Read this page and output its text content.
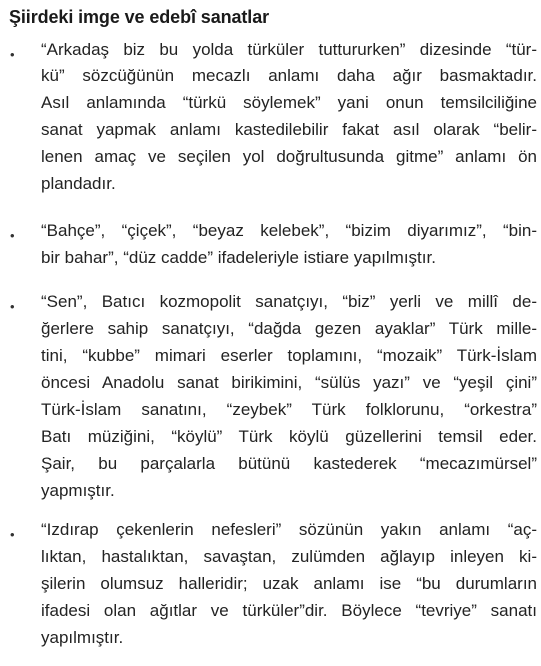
Şiirdeki imge ve edebî sanatlar
• “Arkadaş biz bu yolda türküler tuttururken” dizesinde “tür-
kü” sözcüğünün mecazlı anlamı daha ağır basmaktadır.
Asıl anlamında “türkü söylemek” yani onun temsilciliğine
sanat yapmak anlamı kastedilebilir fakat asıl olarak “belir-
lenen amaç ve seçilen yol doğrultusunda gitme” anlamı ön
plandadır.
• “Bahçe”, “çiçek”, “beyaz kelebek”, “bizim diyarımız”, “bin-
bir bahar”, “düz cadde” ifadeleriyle istiare yapılmıştır.
• “Sen”, Batıcı kozmopolit sanatçıyı, “biz” yerli ve millî de-
ğerlere sahip sanatçıyı, “dağda gezen ayaklar” Türk mille-
tini, “kubbe” mimari eserler toplamını, “mozaik” Türk-İslam
öncesi Anadolu sanat birikimini, “sülüs yazı” ve “yeşil çini”
Türk-İslam sanatını, “zeybek” Türk folklorunu, “orkestra”
Batı müziğini, “köylü” Türk köylü güzellerini temsil eder.
Şair, bu parçalarla bütünü kastederek “mecazımürsel”
yapmıştır.
• “Izdırap çekenlerin nefesleri” sözünün yakın anlamı “aç-
lıktan, hastalıktan, savaştan, zulümden ağlayıp inleyen ki-
şilerin olumsuz halleridir; uzak anlamı ise “bu durumların
ifadesi olan ağıtlar ve türküler”dir. Böylece “tevriye” sanatı
yapılmıştır.
